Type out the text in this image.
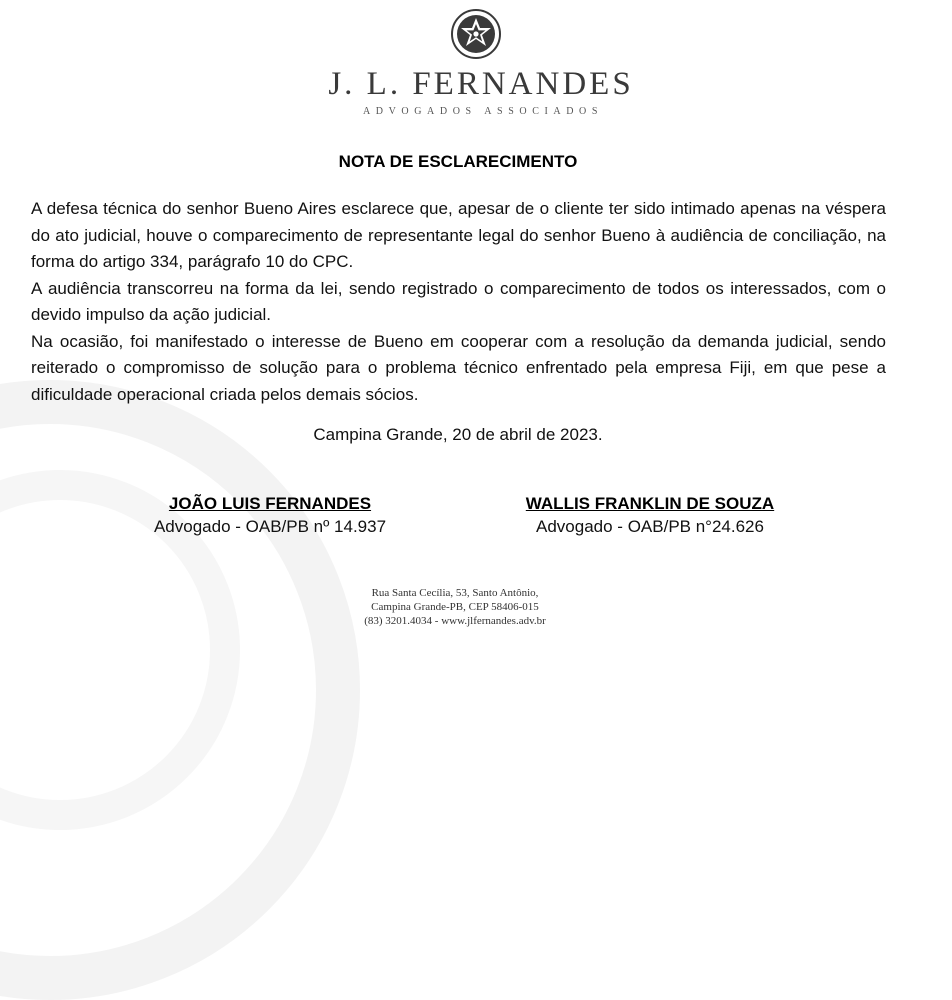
J. L. FERNANDES
ADVOGADOS ASSOCIADOS
NOTA DE ESCLARECIMENTO

A defesa técnica do senhor Bueno Aires esclarece que, apesar de o cliente ter sido intimado apenas na véspera do ato judicial, houve o comparecimento de representante legal do senhor Bueno à audiência de conciliação, na forma do artigo 334, parágrafo 10 do CPC.

A audiência transcorreu na forma da lei, sendo registrado o comparecimento de todos os interessados, com o devido impulso da ação judicial.

Na ocasião, foi manifestado o interesse de Bueno em cooperar com a resolução da demanda judicial, sendo reiterado o compromisso de solução para o problema técnico enfrentado pela empresa Fiji, em que pese a dificuldade operacional criada pelos demais sócios.

Campina Grande, 20 de abril de 2023.
JOÃO LUIS FERNANDES
Advogado - OAB/PB nº 14.937
WALLIS FRANKLIN DE SOUZA
Advogado - OAB/PB n°24.626
Rua Santa Cecília, 53, Santo Antônio,
Campina Grande-PB, CEP 58406-015
(83) 3201.4034 - www.jlfernandes.adv.br
